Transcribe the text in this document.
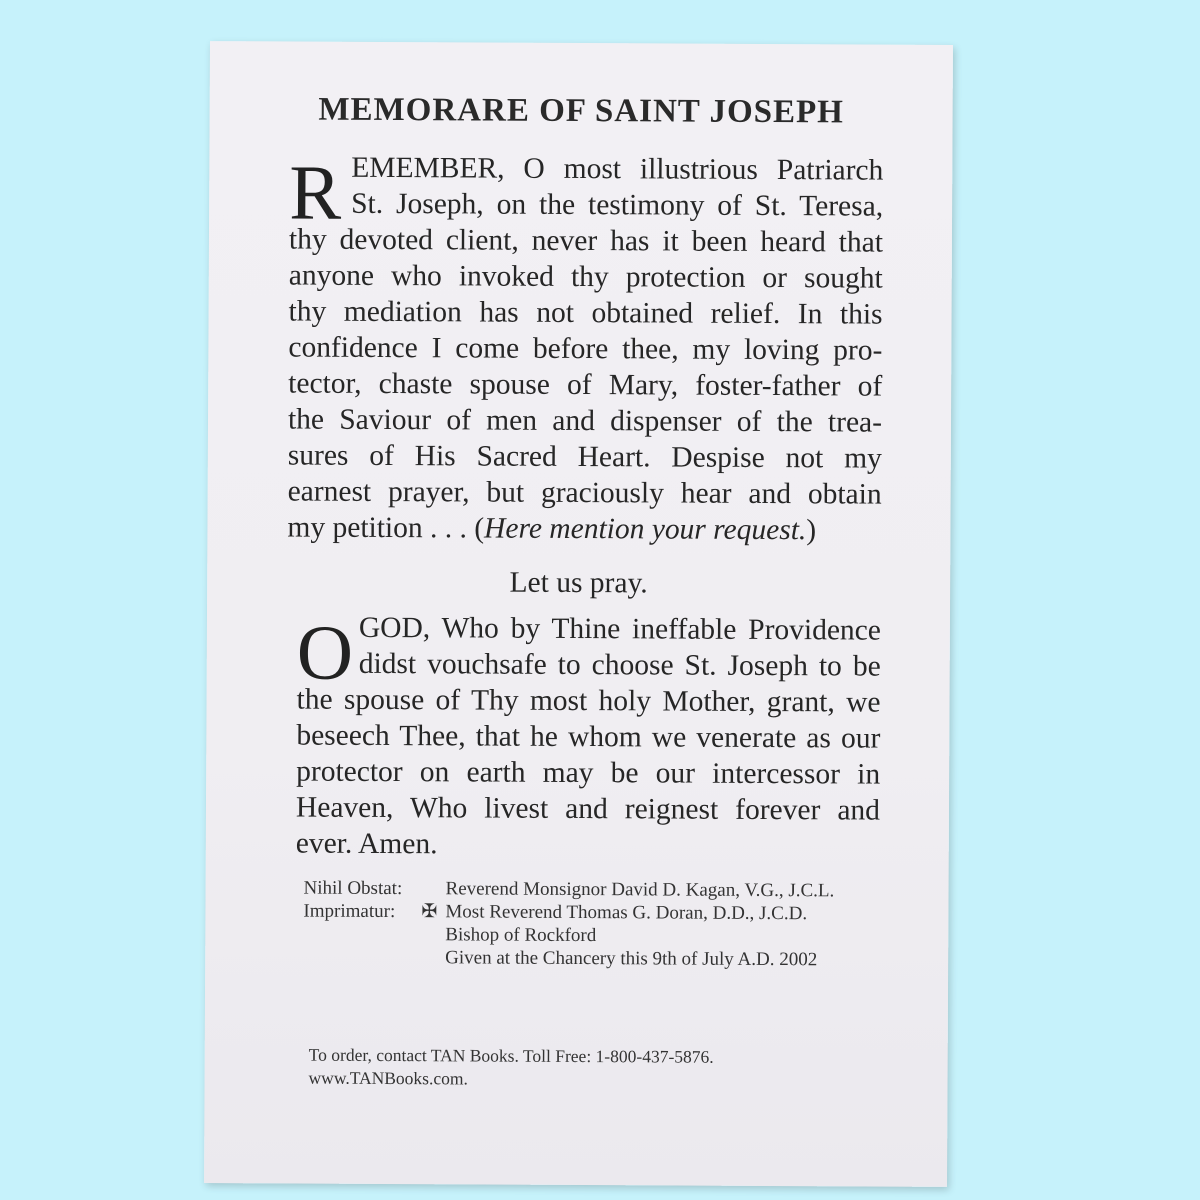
MEMORARE OF SAINT JOSEPH
R EMEMBER, O most illustrious Patriarch
St. Joseph, on the testimony of St. Teresa,
thy devoted client, never has it been heard that
anyone who invoked thy protection or sought
thy mediation has not obtained relief. In this
confidence I come before thee, my loving pro-
tector, chaste spouse of Mary, foster-father of
the Saviour of men and dispenser of the trea-
sures of His Sacred Heart. Despise not my
earnest prayer, but graciously hear and obtain
my petition . . . (Here mention your request.)
Let us pray.
O GOD, Who by Thine ineffable Providence
didst vouchsafe to choose St. Joseph to be
the spouse of Thy most holy Mother, grant, we
beseech Thee, that he whom we venerate as our
protector on earth may be our intercessor in
Heaven, Who livest and reignest forever and
ever. Amen.
Nihil Obstat:	Reverend Monsignor David D. Kagan, V.G., J.C.L.
Imprimatur:	✠ Most Reverend Thomas G. Doran, D.D., J.C.D.
Bishop of Rockford
Given at the Chancery this 9th of July A.D. 2002
To order, contact TAN Books. Toll Free: 1-800-437-5876.
www.TANBooks.com.
